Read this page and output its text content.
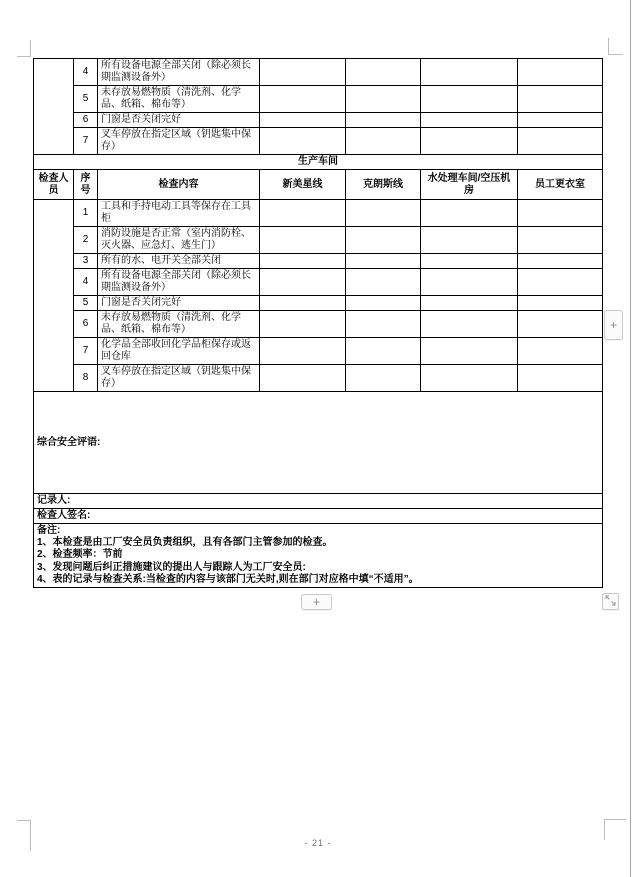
	4	所有设备电源全部关闭（除必须长期监测设备外）				
	5	未存放易燃物质（清洗剂、化学品、纸箱、棉布等）				
	6	门窗是否关闭完好				
	7	叉车停放在指定区域（钥匙集中保存）				
生产车间						
检查人员	序号	检查内容	新美星线	克朗斯线	水处理车间/空压机房	员工更衣室
	1	工具和手持电动工具等保存在工具柜				
	2	消防设施是否正常（室内消防栓、灭火器、应急灯、逃生门）				
	3	所有的水、电开关全部关闭				
	4	所有设备电源全部关闭（除必须长期监测设备外）				
	5	门窗是否关闭完好				
	6	未存放易燃物质（清洗剂、化学品、纸箱、棉布等）				
	7	化学品全部收回化学品柜保存或返回仓库				
	8	叉车停放在指定区域（钥匙集中保存）				
综合安全评语:						
记录人:						
检查人签名:						

备注:
1、本检查是由工厂安全员负责组织，且有各部门主管参加的检查。
2、检查频率：节前
3、发现问题后纠正措施建议的提出人与跟踪人为工厂安全员:
4、表的记录与检查关系:当检查的内容与该部门无关时,则在部门对应格中填“不适用”。						
+
+
- 21 -
